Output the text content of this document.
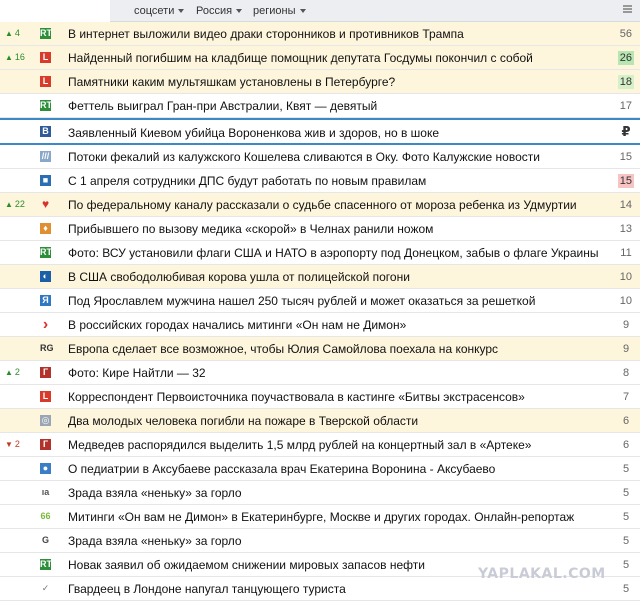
соцсети	Россия	регионы
▲ 4 RT В интернет выложили видео драки сторонников и противников Трампа	56
▲ 16	L Найденный погибшим на кладбище помощник депутата Госдумы покончил с собой	26
L Памятники каким мультяшкам установлены в Петербурге?	18
RT Феттель выиграл Гран-при Австралии, Квят — девятый	17
B Заявленный Киевом убийца Вороненкова жив и здоров, но в шоке	₽
/// Потоки фекалий из калужского Кошелева сливаются в Оку. Фото Калужские новости	15
■ С 1 апреля сотрудники ДПС будут работать по новым правилам	15
▲ 22 ♥ По федеральному каналу рассказали о судьбе спасенного от мороза ребенка из Удмуртии	14
♦ Прибывшего по вызову медика «скорой» в Челнах ранили ножом	13
RT Фото: ВСУ установили флаги США и НАТО в аэропорту под Донецком, забыв о флаге Украины 11
◐ В США свободолюбивая корова ушла от полицейской погони	10
Я Под Ярославлем мужчина нашел 250 тысяч рублей и может оказаться за решеткой	10
› В российских городах начались митинги «Он нам не Димон»	9
RG Европа сделает все возможное, чтобы Юлия Самойлова поехала на конкурс	9
▲ 2	Г Фото: Кире Найтли — 32	8
L Корреспондент Первоисточника поучаствовала в кастинге «Битвы экстрасенсов»	7
◎ Два молодых человека погибли на пожаре в Тверской области	6
▼ 2	Г Медведев распорядился выделить 1,5 млрд рублей на концертный зал в «Артеке»	6
● О педиатрии в Аксубаеве рассказала врач Екатерина Воронина - Аксубаево	5
ıа Зрада взяла «неньку» за горло	5
66 Митинги «Он вам не Димон» в Екатеринбурге, Москве и других городах. Онлайн-репортаж	5
G Зрада взяла «неньку» за горло	5
RT Новак заявил об ожидаемом снижении мировых запасов нефти	5
✓ Гвардеец в Лондоне напугал танцующего туриста	5
YAPLAKAL.COM
